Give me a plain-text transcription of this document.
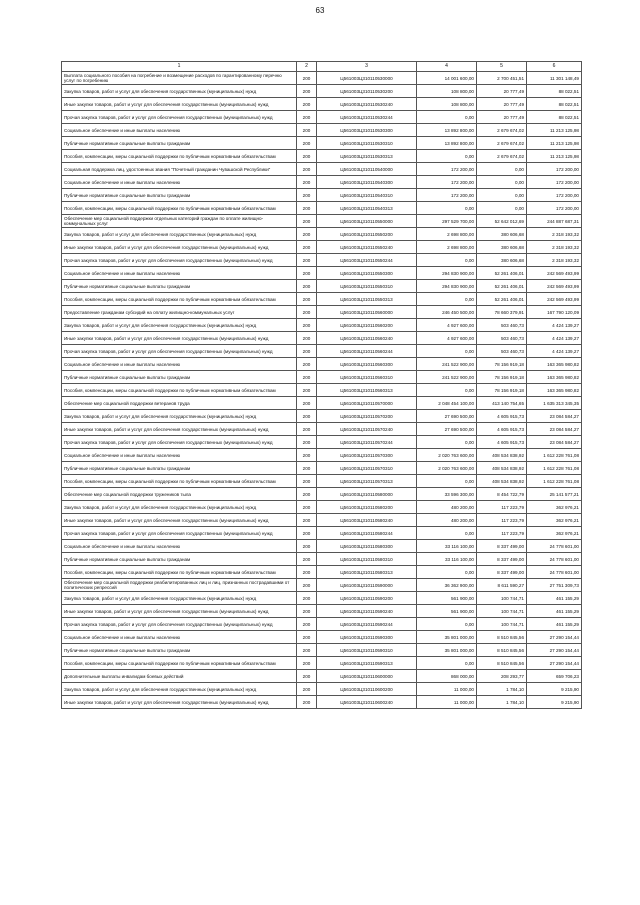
63
1	2	3	4	5	6
Выплата социального пособия на погребение и возмещение расходов по гарантированному перечню услуг по погребению	200	Ц561003Ц310110530000	14 001 600,00	2 700 451,51	11 301 148,49
Закупка товаров, работ и услуг для обеспечения государственных (муниципальных) нужд	200	Ц561003Ц310110530200	108 800,00	20 777,49	88 022,51
Иные закупки товаров, работ и услуг для обеспечения государственных (муниципальных) нужд	200	Ц561003Ц310110530240	108 800,00	20 777,49	88 022,51
Прочая закупка товаров, работ и услуг для обеспечения государственных (муниципальных) нужд	200	Ц561003Ц310110530244	0,00	20 777,49	88 022,51
Социальное обеспечение и иные выплаты населению	200	Ц561003Ц310110530300	13 892 800,00	2 679 674,02	11 213 125,98
Публичные нормативные социальные выплаты гражданам	200	Ц561003Ц310110530310	13 892 800,00	2 679 674,02	11 213 125,98
Пособия, компенсации, меры социальной поддержки по публичным нормативным обязательствам	200	Ц561003Ц310110530313	0,00	2 679 674,02	11 213 125,98
Социальная поддержка лиц, удостоенных звания "Почетный гражданин Чувашской Республики"	200	Ц561003Ц310110540000	172 200,00	0,00	172 200,00
Социальное обеспечение и иные выплаты населению	200	Ц561003Ц310110540300	172 200,00	0,00	172 200,00
Публичные нормативные социальные выплаты гражданам	200	Ц561003Ц310110540310	172 200,00	0,00	172 200,00
Пособия, компенсации, меры социальной поддержки по публичным нормативным обязательствам	200	Ц561003Ц310110540313	0,00	0,00	172 200,00
Обеспечение мер социальной поддержки отдельных категорий граждан по оплате жилищно-коммунальных услуг	200	Ц561003Ц310110550000	297 529 700,00	52 642 012,69	244 887 687,31
Закупка товаров, работ и услуг для обеспечения государственных (муниципальных) нужд	200	Ц561003Ц310110550200	2 698 800,00	380 606,68	2 318 193,32
Иные закупки товаров, работ и услуг для обеспечения государственных (муниципальных) нужд	200	Ц561003Ц310110550240	2 698 800,00	380 606,68	2 318 193,32
Прочая закупка товаров, работ и услуг для обеспечения государственных (муниципальных) нужд	200	Ц561003Ц310110550244	0,00	380 606,68	2 318 193,32
Социальное обеспечение и иные выплаты населению	200	Ц561003Ц310110550300	294 830 900,00	52 261 406,01	242 569 493,99
Публичные нормативные социальные выплаты гражданам	200	Ц561003Ц310110550310	294 830 900,00	52 261 406,01	242 569 493,99
Пособия, компенсации, меры социальной поддержки по публичным нормативным обязательствам	200	Ц561003Ц310110550313	0,00	52 261 406,01	242 569 493,99
Предоставление гражданам субсидий на оплату жилищно-коммунальных услуг	200	Ц561003Ц310110560000	246 450 500,00	78 660 379,91	167 790 120,09
Закупка товаров, работ и услуг для обеспечения государственных (муниципальных) нужд	200	Ц561003Ц310110560200	4 927 600,00	503 460,73	4 424 139,27
Иные закупки товаров, работ и услуг для обеспечения государственных (муниципальных) нужд	200	Ц561003Ц310110560240	4 927 600,00	503 460,73	4 424 139,27
Прочая закупка товаров, работ и услуг для обеспечения государственных (муниципальных) нужд	200	Ц561003Ц310110560244	0,00	503 460,73	4 424 139,27
Социальное обеспечение и иные выплаты населению	200	Ц561003Ц310110560300	241 522 900,00	78 156 919,18	163 365 980,82
Публичные нормативные социальные выплаты гражданам	200	Ц561003Ц310110560310	241 522 900,00	78 156 919,18	163 365 980,82
Пособия, компенсации, меры социальной поддержки по публичным нормативным обязательствам	200	Ц561003Ц310110560313	0,00	78 156 919,18	163 365 980,82
Обеспечение мер социальной поддержки ветеранов труда	200	Ц561003Ц310110570000	2 048 454 100,00	413 140 754,65	1 635 313 345,35
Закупка товаров, работ и услуг для обеспечения государственных (муниципальных) нужд	200	Ц561003Ц310110570200	27 690 500,00	4 605 915,73	23 084 584,27
Иные закупки товаров, работ и услуг для обеспечения государственных (муниципальных) нужд	200	Ц561003Ц310110570240	27 690 500,00	4 605 915,73	23 084 584,27
Прочая закупка товаров, работ и услуг для обеспечения государственных (муниципальных) нужд	200	Ц561003Ц310110570244	0,00	4 605 915,73	23 084 584,27
Социальное обеспечение и иные выплаты населению	200	Ц561003Ц310110570300	2 020 763 600,00	408 534 838,92	1 612 228 761,08
Публичные нормативные социальные выплаты гражданам	200	Ц561003Ц310110570310	2 020 763 600,00	408 534 838,92	1 612 228 761,08
Пособия, компенсации, меры социальной поддержки по публичным нормативным обязательствам	200	Ц561003Ц310110570313	0,00	408 534 838,92	1 612 228 761,08
Обеспечение мер социальной поддержки тружеников тыла	200	Ц561003Ц310110580000	33 596 300,00	8 454 722,79	25 141 577,21
Закупка товаров, работ и услуг для обеспечения государственных (муниципальных) нужд	200	Ц561003Ц310110580200	480 200,00	117 223,79	362 976,21
Иные закупки товаров, работ и услуг для обеспечения государственных (муниципальных) нужд	200	Ц561003Ц310110580240	480 200,00	117 223,79	362 976,21
Прочая закупка товаров, работ и услуг для обеспечения государственных (муниципальных) нужд	200	Ц561003Ц310110580244	0,00	117 223,79	362 976,21
Социальное обеспечение и иные выплаты населению	200	Ц561003Ц310110580300	33 116 100,00	8 337 499,00	24 778 601,00
Публичные нормативные социальные выплаты гражданам	200	Ц561003Ц310110580310	33 116 100,00	8 337 499,00	24 778 601,00
Пособия, компенсации, меры социальной поддержки по публичным нормативным обязательствам	200	Ц561003Ц310110580313	0,00	8 337 499,00	24 778 601,00
Обеспечение мер социальной поддержки реабилитированных лиц и лиц, признанных пострадавшими от политических репрессий	200	Ц561003Ц310110590000	36 362 900,00	8 611 590,27	27 751 309,73
Закупка товаров, работ и услуг для обеспечения государственных (муниципальных) нужд	200	Ц561003Ц310110590200	561 900,00	100 744,71	461 155,29
Иные закупки товаров, работ и услуг для обеспечения государственных (муниципальных) нужд	200	Ц561003Ц310110590240	561 900,00	100 744,71	461 155,29
Прочая закупка товаров, работ и услуг для обеспечения государственных (муниципальных) нужд	200	Ц561003Ц310110590244	0,00	100 744,71	461 155,29
Социальное обеспечение и иные выплаты населению	200	Ц561003Ц310110590300	35 801 000,00	8 510 845,56	27 290 154,44
Публичные нормативные социальные выплаты гражданам	200	Ц561003Ц310110590310	35 801 000,00	8 510 845,56	27 290 154,44
Пособия, компенсации, меры социальной поддержки по публичным нормативным обязательствам	200	Ц561003Ц310110590313	0,00	8 510 845,56	27 290 154,44
Дополнительные выплаты инвалидам боевых действий	200	Ц561003Ц310110600000	868 000,00	208 293,77	659 706,23
Закупка товаров, работ и услуг для обеспечения государственных (муниципальных) нужд	200	Ц561003Ц310110600200	11 000,00	1 784,10	9 215,90
Иные закупки товаров, работ и услуг для обеспечения государственных (муниципальных) нужд	200	Ц561003Ц310110600240	11 000,00	1 784,10	9 215,90
